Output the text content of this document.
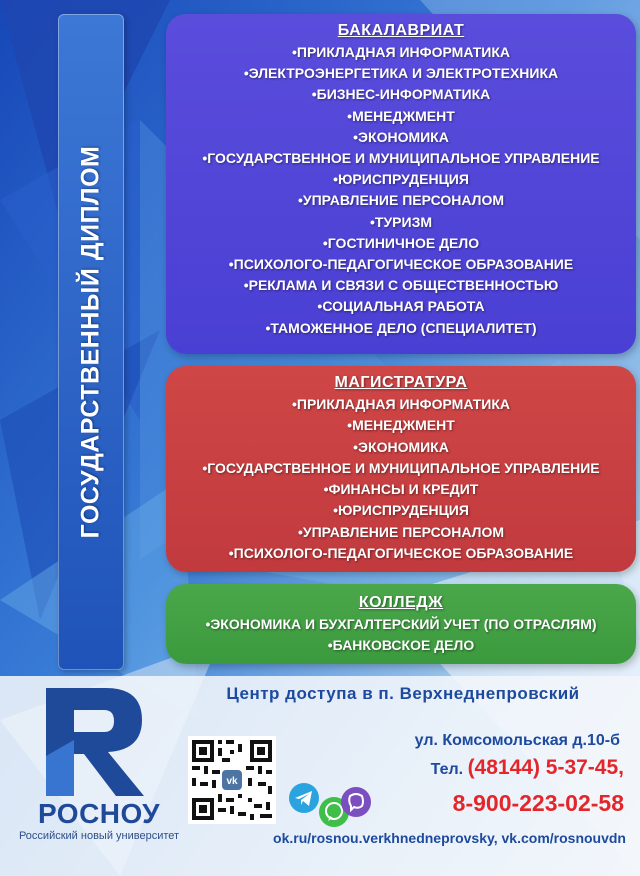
ГОСУДАРСТВЕННЫЙ ДИПЛОМ
БАКАЛАВРИАТ
•ПРИКЛАДНАЯ ИНФОРМАТИКА
•ЭЛЕКТРОЭНЕРГЕТИКА И ЭЛЕКТРОТЕХНИКА
•БИЗНЕС-ИНФОРМАТИКА
•МЕНЕДЖМЕНТ
•ЭКОНОМИКА
•ГОСУДАРСТВЕННОЕ И МУНИЦИПАЛЬНОЕ УПРАВЛЕНИЕ
•ЮРИСПРУДЕНЦИЯ
•УПРАВЛЕНИЕ ПЕРСОНАЛОМ
•ТУРИЗМ
•ГОСТИНИЧНОЕ ДЕЛО
•ПСИХОЛОГО-ПЕДАГОГИЧЕСКОЕ ОБРАЗОВАНИЕ
•РЕКЛАМА И СВЯЗИ С ОБЩЕСТВЕННОСТЬЮ
•СОЦИАЛЬНАЯ РАБОТА
•ТАМОЖЕННОЕ ДЕЛО (СПЕЦИАЛИТЕТ)
МАГИСТРАТУРА
•ПРИКЛАДНАЯ ИНФОРМАТИКА
•МЕНЕДЖМЕНТ
•ЭКОНОМИКА
•ГОСУДАРСТВЕННОЕ И МУНИЦИПАЛЬНОЕ УПРАВЛЕНИЕ
•ФИНАНСЫ И КРЕДИТ
•ЮРИСПРУДЕНЦИЯ
•УПРАВЛЕНИЕ ПЕРСОНАЛОМ
•ПСИХОЛОГО-ПЕДАГОГИЧЕСКОЕ ОБРАЗОВАНИЕ
КОЛЛЕДЖ
•ЭКОНОМИКА И БУХГАЛТЕРСКИЙ УЧЕТ (ПО ОТРАСЛЯМ)
•БАНКОВСКОЕ ДЕЛО
Центр доступа в п. Верхнеднепровский
РОСНОУ
Российский новый университет
vk
ул. Комсомольская д.10-б
Тел. (48144) 5-37-45,
8-900-223-02-58
ok.ru/rosnou.verkhnedneprovsky, vk.com/rosnouvdn
